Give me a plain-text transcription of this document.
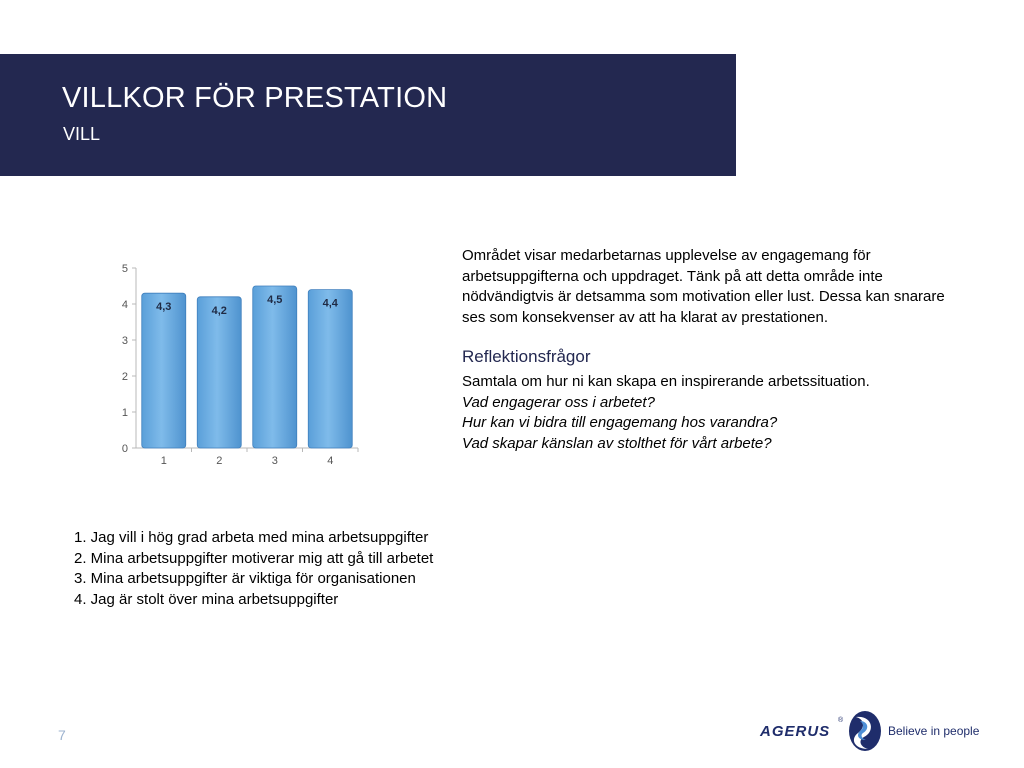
VILLKOR FÖR PRESTATION
VILL
0
1
2
3
4
5
1	2	3	4
4,3	4,2
4,5	4,4
Området visar medarbetarnas upplevelse av engagemang för arbetsuppgifterna och uppdraget. Tänk på att detta område inte nödvändigtvis är detsamma som motivation eller lust. Dessa kan snarare ses som konsekvenser av att ha klarat av prestationen.
Reflektionsfrågor
Samtala om hur ni kan skapa en inspirerande arbetssituation.
Vad engagerar oss i arbetet?
Hur kan vi bidra till engagemang hos varandra?
Vad skapar känslan av stolthet för vårt arbete?
1. Jag vill i hög grad arbeta med mina arbetsuppgifter
2. Mina arbetsuppgifter motiverar mig att gå till arbetet
3. Mina arbetsuppgifter är viktiga för organisationen
4. Jag är stolt över mina arbetsuppgifter
7	AGERUS
®
Believe in people
